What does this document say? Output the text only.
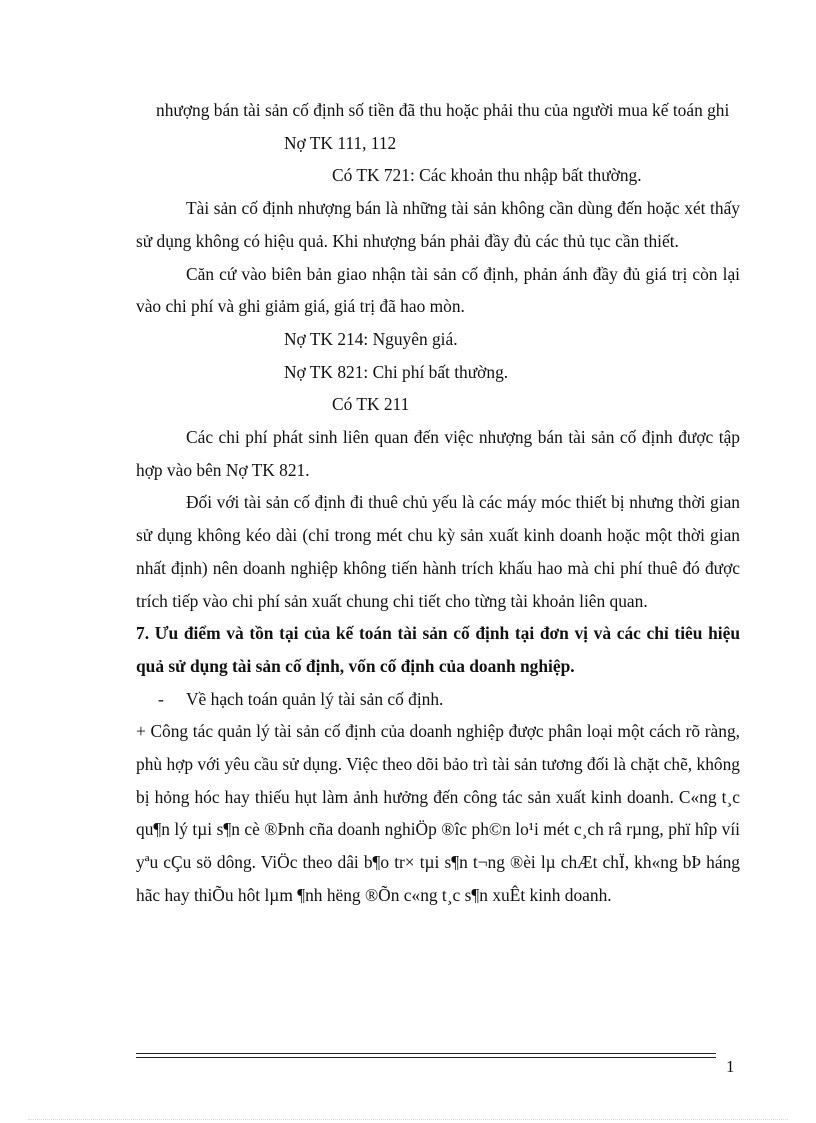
nhượng bán tài sản cố định số tiền đã thu hoặc phải thu của người mua kế toán ghi

Nợ TK 111, 112

Có TK 721: Các khoản thu nhập bất thường.

Tài sản cố định nhượng bán là những tài sản không cần dùng đến hoặc xét thấy sử dụng không có hiệu quả. Khi nhượng bán phải đầy đủ các thủ tục cần thiết.

Căn cứ vào biên bản giao nhận tài sản cố định, phản ánh đầy đủ giá trị còn lại vào chi phí và ghi giảm giá, giá trị đã hao mòn.

Nợ TK 214: Nguyên giá.

Nợ TK 821: Chi phí bất thường.

Có TK 211

Các chi phí phát sinh liên quan đến việc nhượng bán tài sản cố định được tập hợp vào bên Nợ TK 821.

Đối với tài sản cố định đi thuê chủ yếu là các máy móc thiết bị nhưng thời gian sử dụng không kéo dài (chỉ trong mét chu kỳ sản xuất kinh doanh hoặc một thời gian nhất định) nên doanh nghiệp không tiến hành trích khấu hao mà chi phí thuê đó được trích tiếp vào chi phí sản xuất chung chi tiết cho từng tài khoản liên quan.

7. Ưu điểm và tồn tại của kế toán tài sản cố định tại đơn vị và các chỉ tiêu hiệu quả sử dụng tài sản cố định, vốn cố định của doanh nghiệp.

- Về hạch toán quản lý tài sản cố định.

+ Công tác quản lý tài sản cố định của doanh nghiệp được phân loại một cách rõ ràng, phù hợp với yêu cầu sử dụng. Việc theo dõi bảo trì tài sản tương đối là chặt chẽ, không bị hỏng hóc hay thiếu hụt làm ảnh hưởng đến công tác sản xuất kinh doanh. C«ng t¸c qu¶n lý tµi s¶n cè ®Þnh cña doanh nghiÖp ®îc ph©n lo¹i mét c¸ch râ rµng, phï hîp víi yªu cÇu sö dông. ViÖc theo dâi b¶o tr× tµi s¶n t¬ng ®èi lµ chÆt chÏ, kh«ng bÞ háng hãc hay thiÕu hôt lµm ¶nh hëng ®Õn c«ng t¸c s¶n xuÊt kinh doanh.

1
